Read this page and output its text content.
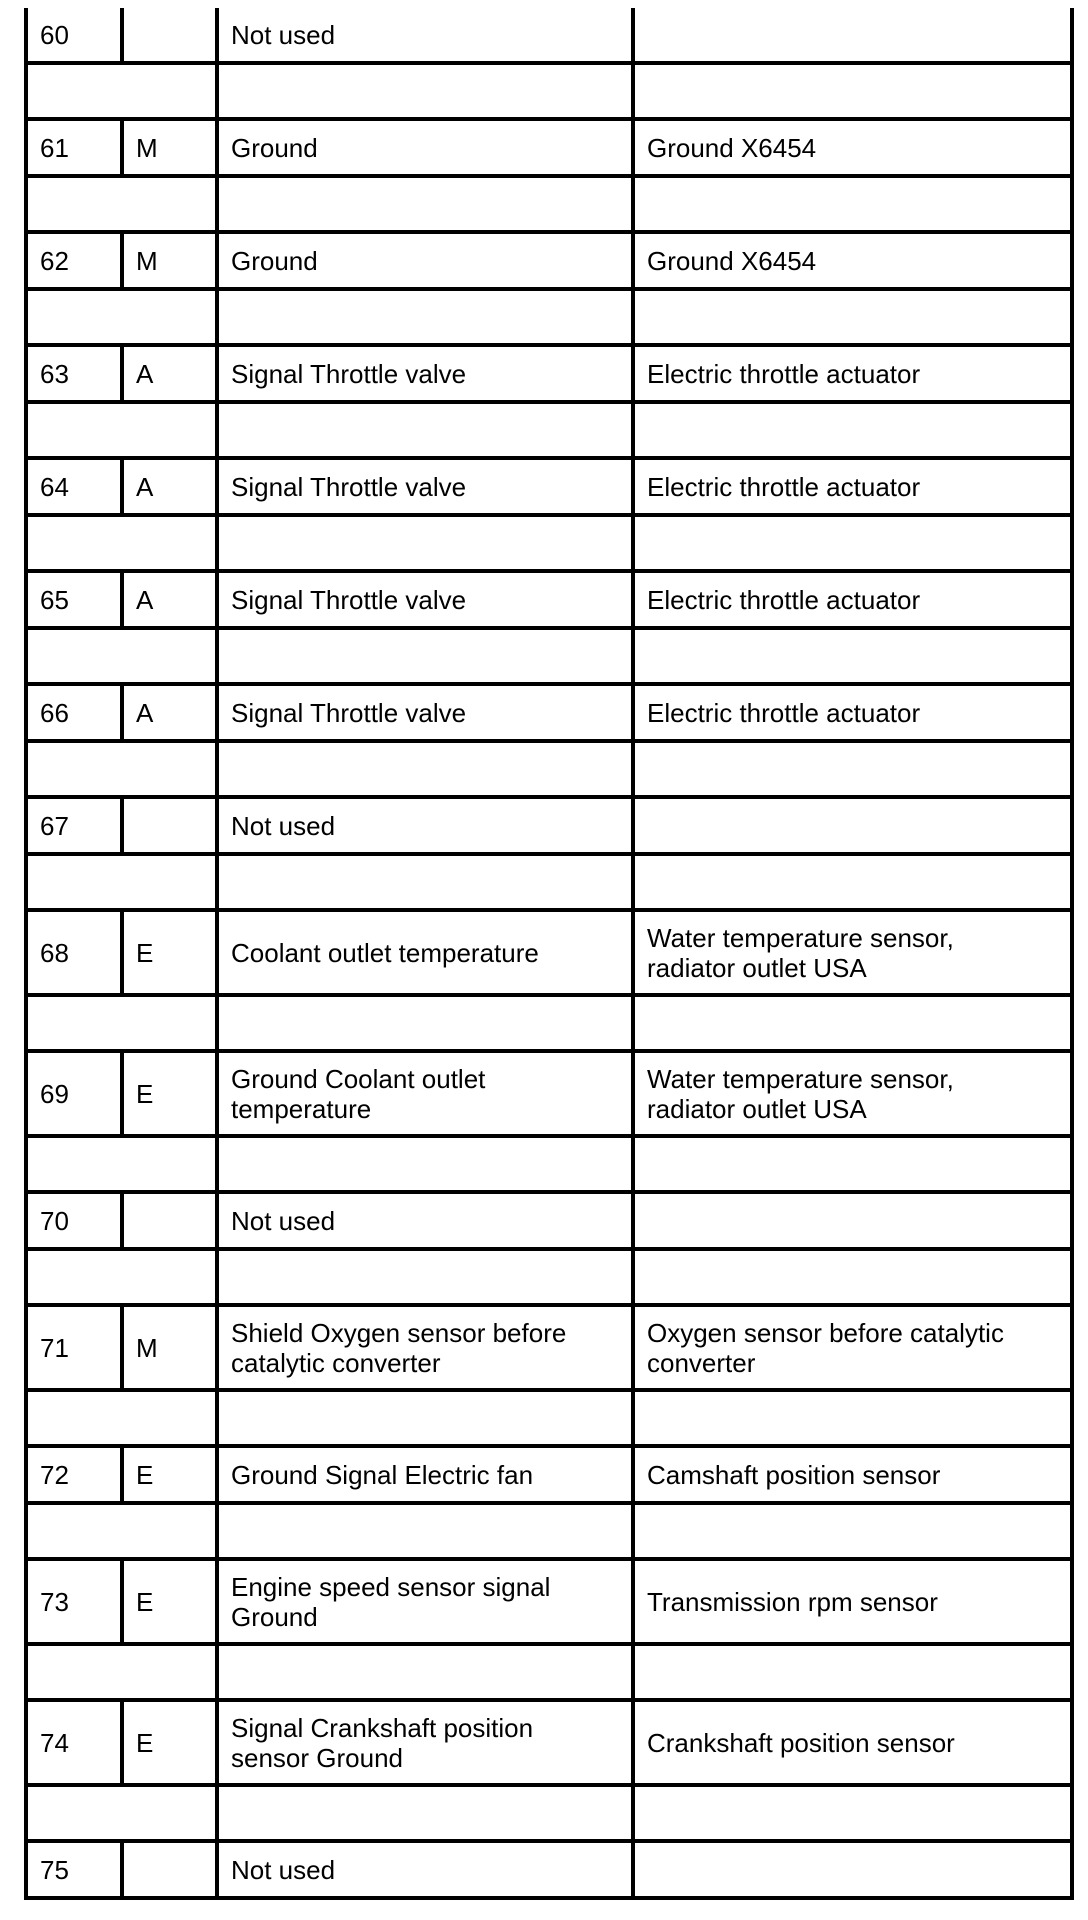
60		Not used	

61	M	Ground	Ground X6454

62	M	Ground	Ground X6454

63	A	Signal Throttle valve	Electric throttle actuator

64	A	Signal Throttle valve	Electric throttle actuator

65	A	Signal Throttle valve	Electric throttle actuator

66	A	Signal Throttle valve	Electric throttle actuator

67		Not used	

68	E	Coolant outlet temperature	Water temperature sensor,
radiator outlet USA

69	E	Ground Coolant outlet
temperature	Water temperature sensor,
radiator outlet USA

70		Not used	

71	M	Shield Oxygen sensor before
catalytic converter	Oxygen sensor before catalytic
converter

72	E	Ground Signal Electric fan	Camshaft position sensor

73	E	Engine speed sensor signal
Ground	Transmission rpm sensor

74	E	Signal Crankshaft position
sensor Ground	Crankshaft position sensor

75		Not used	
